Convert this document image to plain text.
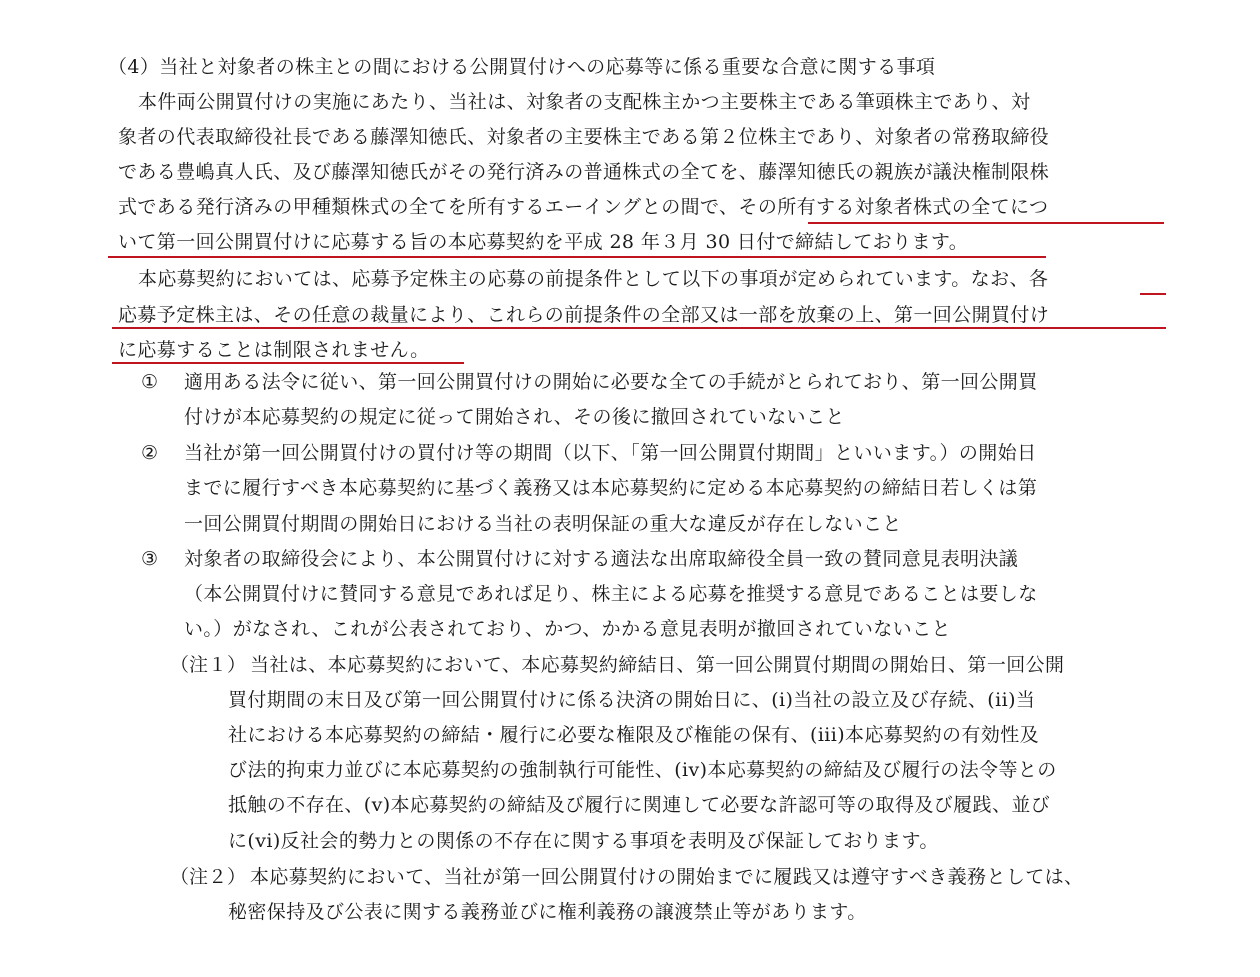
（4）当社と対象者の株主との間における公開買付けへの応募等に係る重要な合意に関する事項
本件両公開買付けの実施にあたり、当社は、対象者の支配株主かつ主要株主である筆頭株主であり、対
象者の代表取締役社長である藤澤知徳氏、対象者の主要株主である第２位株主であり、対象者の常務取締役
である豊嶋真人氏、及び藤澤知徳氏がその発行済みの普通株式の全てを、藤澤知徳氏の親族が議決権制限株
式である発行済みの甲種類株式の全てを所有するエーイングとの間で、その所有する対象者株式の全てにつ
いて第一回公開買付けに応募する旨の本応募契約を平成 28 年３月 30 日付で締結しております。
本応募契約においては、応募予定株主の応募の前提条件として以下の事項が定められています。なお、各
応募予定株主は、その任意の裁量により、これらの前提条件の全部又は一部を放棄の上、第一回公開買付け
に応募することは制限されません。
① 適用ある法令に従い、第一回公開買付けの開始に必要な全ての手続がとられており、第一回公開買
付けが本応募契約の規定に従って開始され、その後に撤回されていないこと
② 当社が第一回公開買付けの買付け等の期間（以下、「第一回公開買付期間」といいます。）の開始日
までに履行すべき本応募契約に基づく義務又は本応募契約に定める本応募契約の締結日若しくは第
一回公開買付期間の開始日における当社の表明保証の重大な違反が存在しないこと
③ 対象者の取締役会により、本公開買付けに対する適法な出席取締役全員一致の賛同意見表明決議
（本公開買付けに賛同する意見であれば足り、株主による応募を推奨する意見であることは要しな
い。）がなされ、これが公表されており、かつ、かかる意見表明が撤回されていないこと
（注１） 当社は、本応募契約において、本応募契約締結日、第一回公開買付期間の開始日、第一回公開
買付期間の末日及び第一回公開買付けに係る決済の開始日に、(i)当社の設立及び存続、(ii)当
社における本応募契約の締結・履行に必要な権限及び権能の保有、(iii)本応募契約の有効性及
び法的拘束力並びに本応募契約の強制執行可能性、(iv)本応募契約の締結及び履行の法令等との
抵触の不存在、(v)本応募契約の締結及び履行に関連して必要な許認可等の取得及び履践、並び
に(vi)反社会的勢力との関係の不存在に関する事項を表明及び保証しております。
（注２） 本応募契約において、当社が第一回公開買付けの開始までに履践又は遵守すべき義務としては、
秘密保持及び公表に関する義務並びに権利義務の譲渡禁止等があります。
